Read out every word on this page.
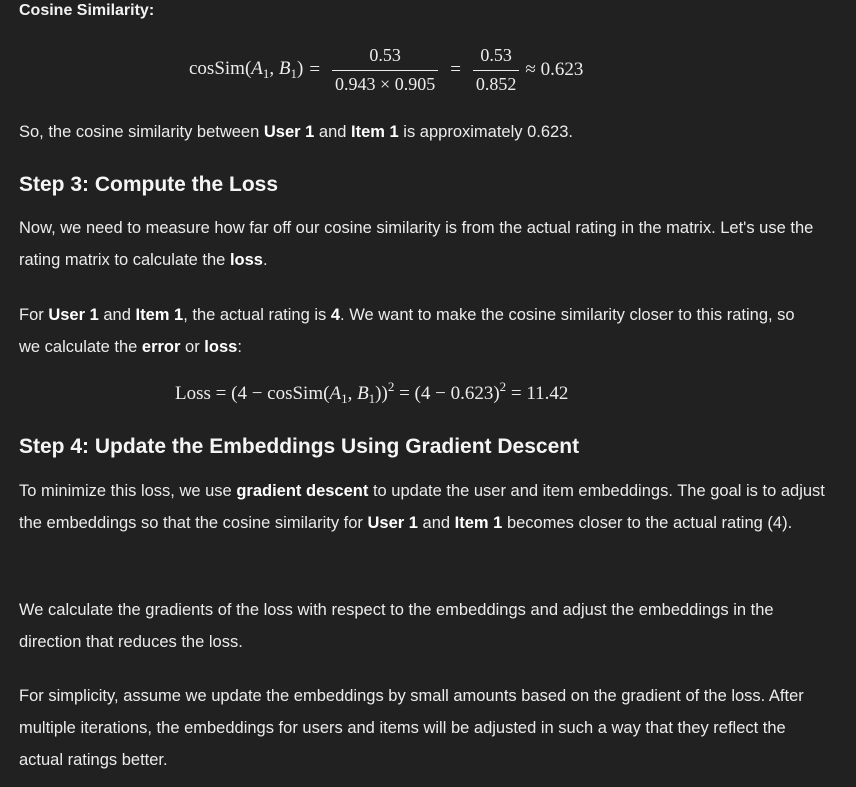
Cosine Similarity:
$cosSim(A_1$, $B_1) = \frac{0.53}{0.943 \times 0.905} = \frac{0.53}{0.852} \approx 0.623$

So, the cosine similarity between User 1 and Item 1 is approximately 0.623.

Step 3: Compute the Loss

Now, we need to measure how far off our cosine similarity is from the actual rating in the matrix. Let's use the rating matrix to calculate the loss.

For User 1 and Item 1, the actual rating is 4. We want to make the cosine similarity closer to this rating, so we calculate the error or loss:

Loss = ($4 - cosSim(A_1$, $B_1))^2 = (4 - 0.623)^2 = 11.42$
Step 4: Update the Embeddings Using Gradient Descent

To minimize this loss, we use gradient descent to update the user and item embeddings. The goal is to adjust the embeddings so that the cosine similarity for User 1 and Item 1 becomes closer to the actual rating (4).

We calculate the gradients of the loss with respect to the embeddings and adjust the embeddings in the direction that reduces the loss.

For simplicity, assume we update the embeddings by small amounts based on the gradient of the loss. After multiple iterations, the embeddings for users and items will be adjusted in such a way that they reflect the actual ratings better.
